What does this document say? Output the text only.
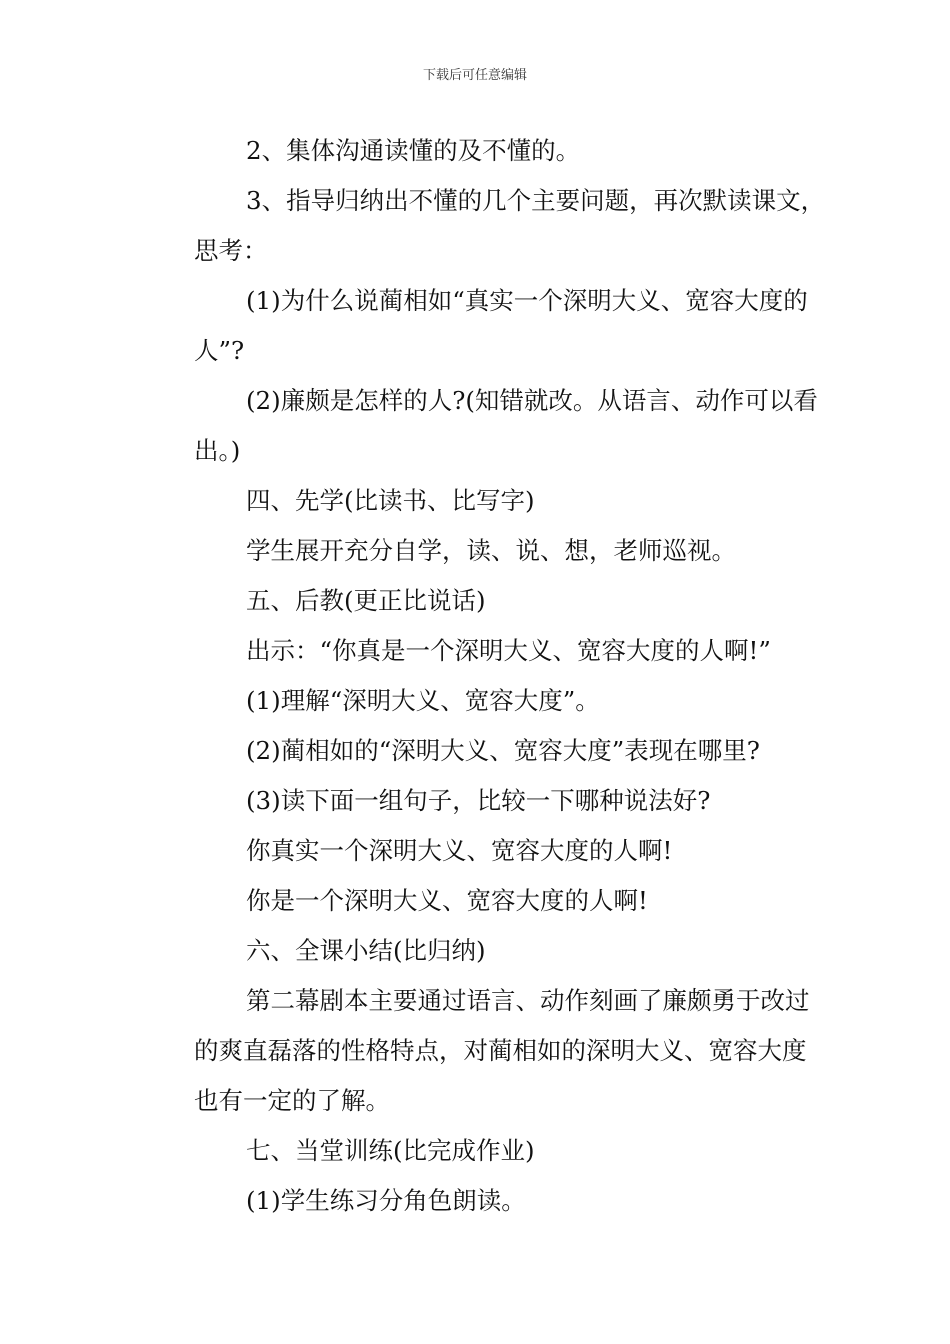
下载后可任意编辑
2、集体沟通读懂的及不懂的。
3、指导归纳出不懂的几个主要问题，再次默读课文，
思考：
(1)为什么说蔺相如“真实一个深明大义、宽容大度的
人”?
(2)廉颇是怎样的人?(知错就改。从语言、动作可以看
出。)
四、先学(比读书、比写字)
学生展开充分自学，读、说、想，老师巡视。
五、后教(更正比说话)
出示：“你真是一个深明大义、宽容大度的人啊!”
(1)理解“深明大义、宽容大度”。
(2)蔺相如的“深明大义、宽容大度”表现在哪里?
(3)读下面一组句子，比较一下哪种说法好?
你真实一个深明大义、宽容大度的人啊!
你是一个深明大义、宽容大度的人啊!
六、全课小结(比归纳)
第二幕剧本主要通过语言、动作刻画了廉颇勇于改过
的爽直磊落的性格特点，对蔺相如的深明大义、宽容大度
也有一定的了解。
七、当堂训练(比完成作业)
(1)学生练习分角色朗读。
